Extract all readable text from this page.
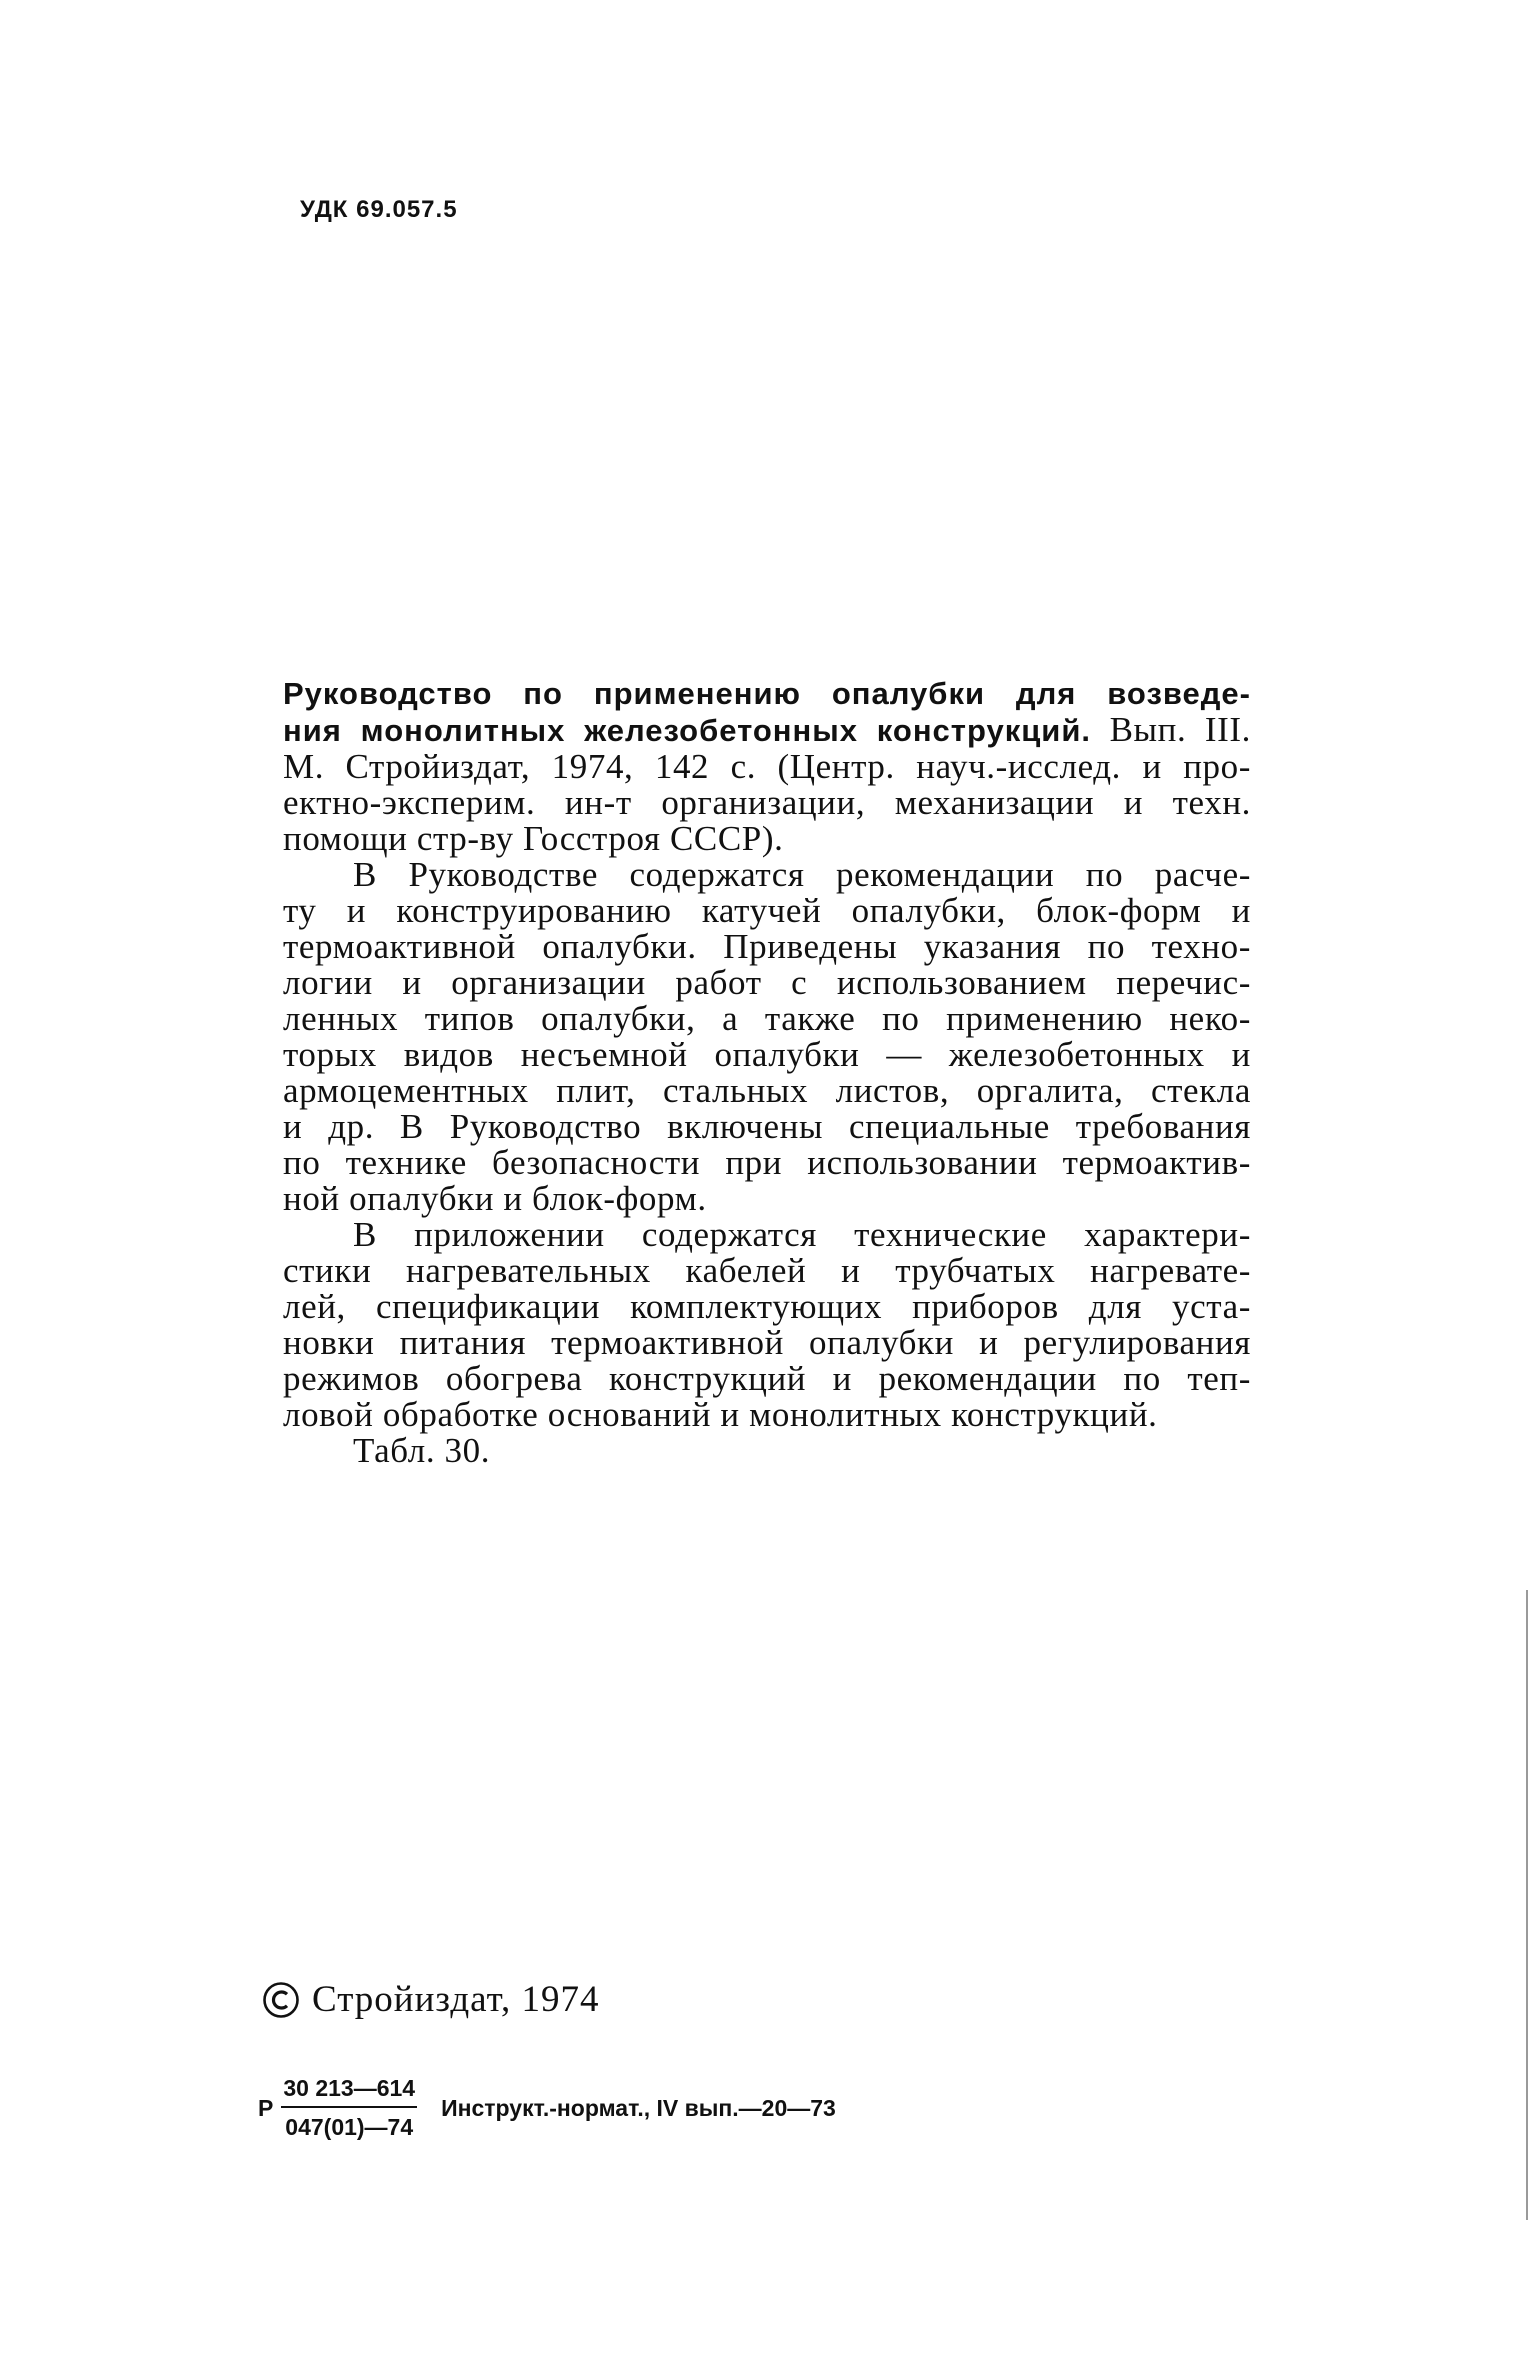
УДК 69.057.5
Руководство по применению опалубки для возведе-
ния монолитных железобетонных конструкций. Вып. III.
М. Стройиздат, 1974, 142 с. (Центр. науч.-исслед. и про-
ектно-эксперим. ин-т организации, механизации и техн.
помощи стр-ву Госстроя СССР).
В Руководстве содержатся рекомендации по расче-
ту и конструированию катучей опалубки, блок-форм и
термоактивной опалубки. Приведены указания по техно-
логии и организации работ с использованием перечис-
ленных типов опалубки, а также по применению неко-
торых видов несъемной опалубки — железобетонных и
армоцементных плит, стальных листов, оргалита, стекла
и др. В Руководство включены специальные требования
по технике безопасности при использовании термоактив-
ной опалубки и блок-форм.
В приложении содержатся технические характери-
стики нагревательных кабелей и трубчатых нагревате-
лей, спецификации комплектующих приборов для уста-
новки питания термоактивной опалубки и регулирования
режимов обогрева конструкций и рекомендации по теп-
ловой обработке оснований и монолитных конструкций.
Табл. 30.
Стройиздат, 1974
Р $\frac{30 213—614}{047(01)—74}$ Инструкт.-нормат., IV вып.—20—73
